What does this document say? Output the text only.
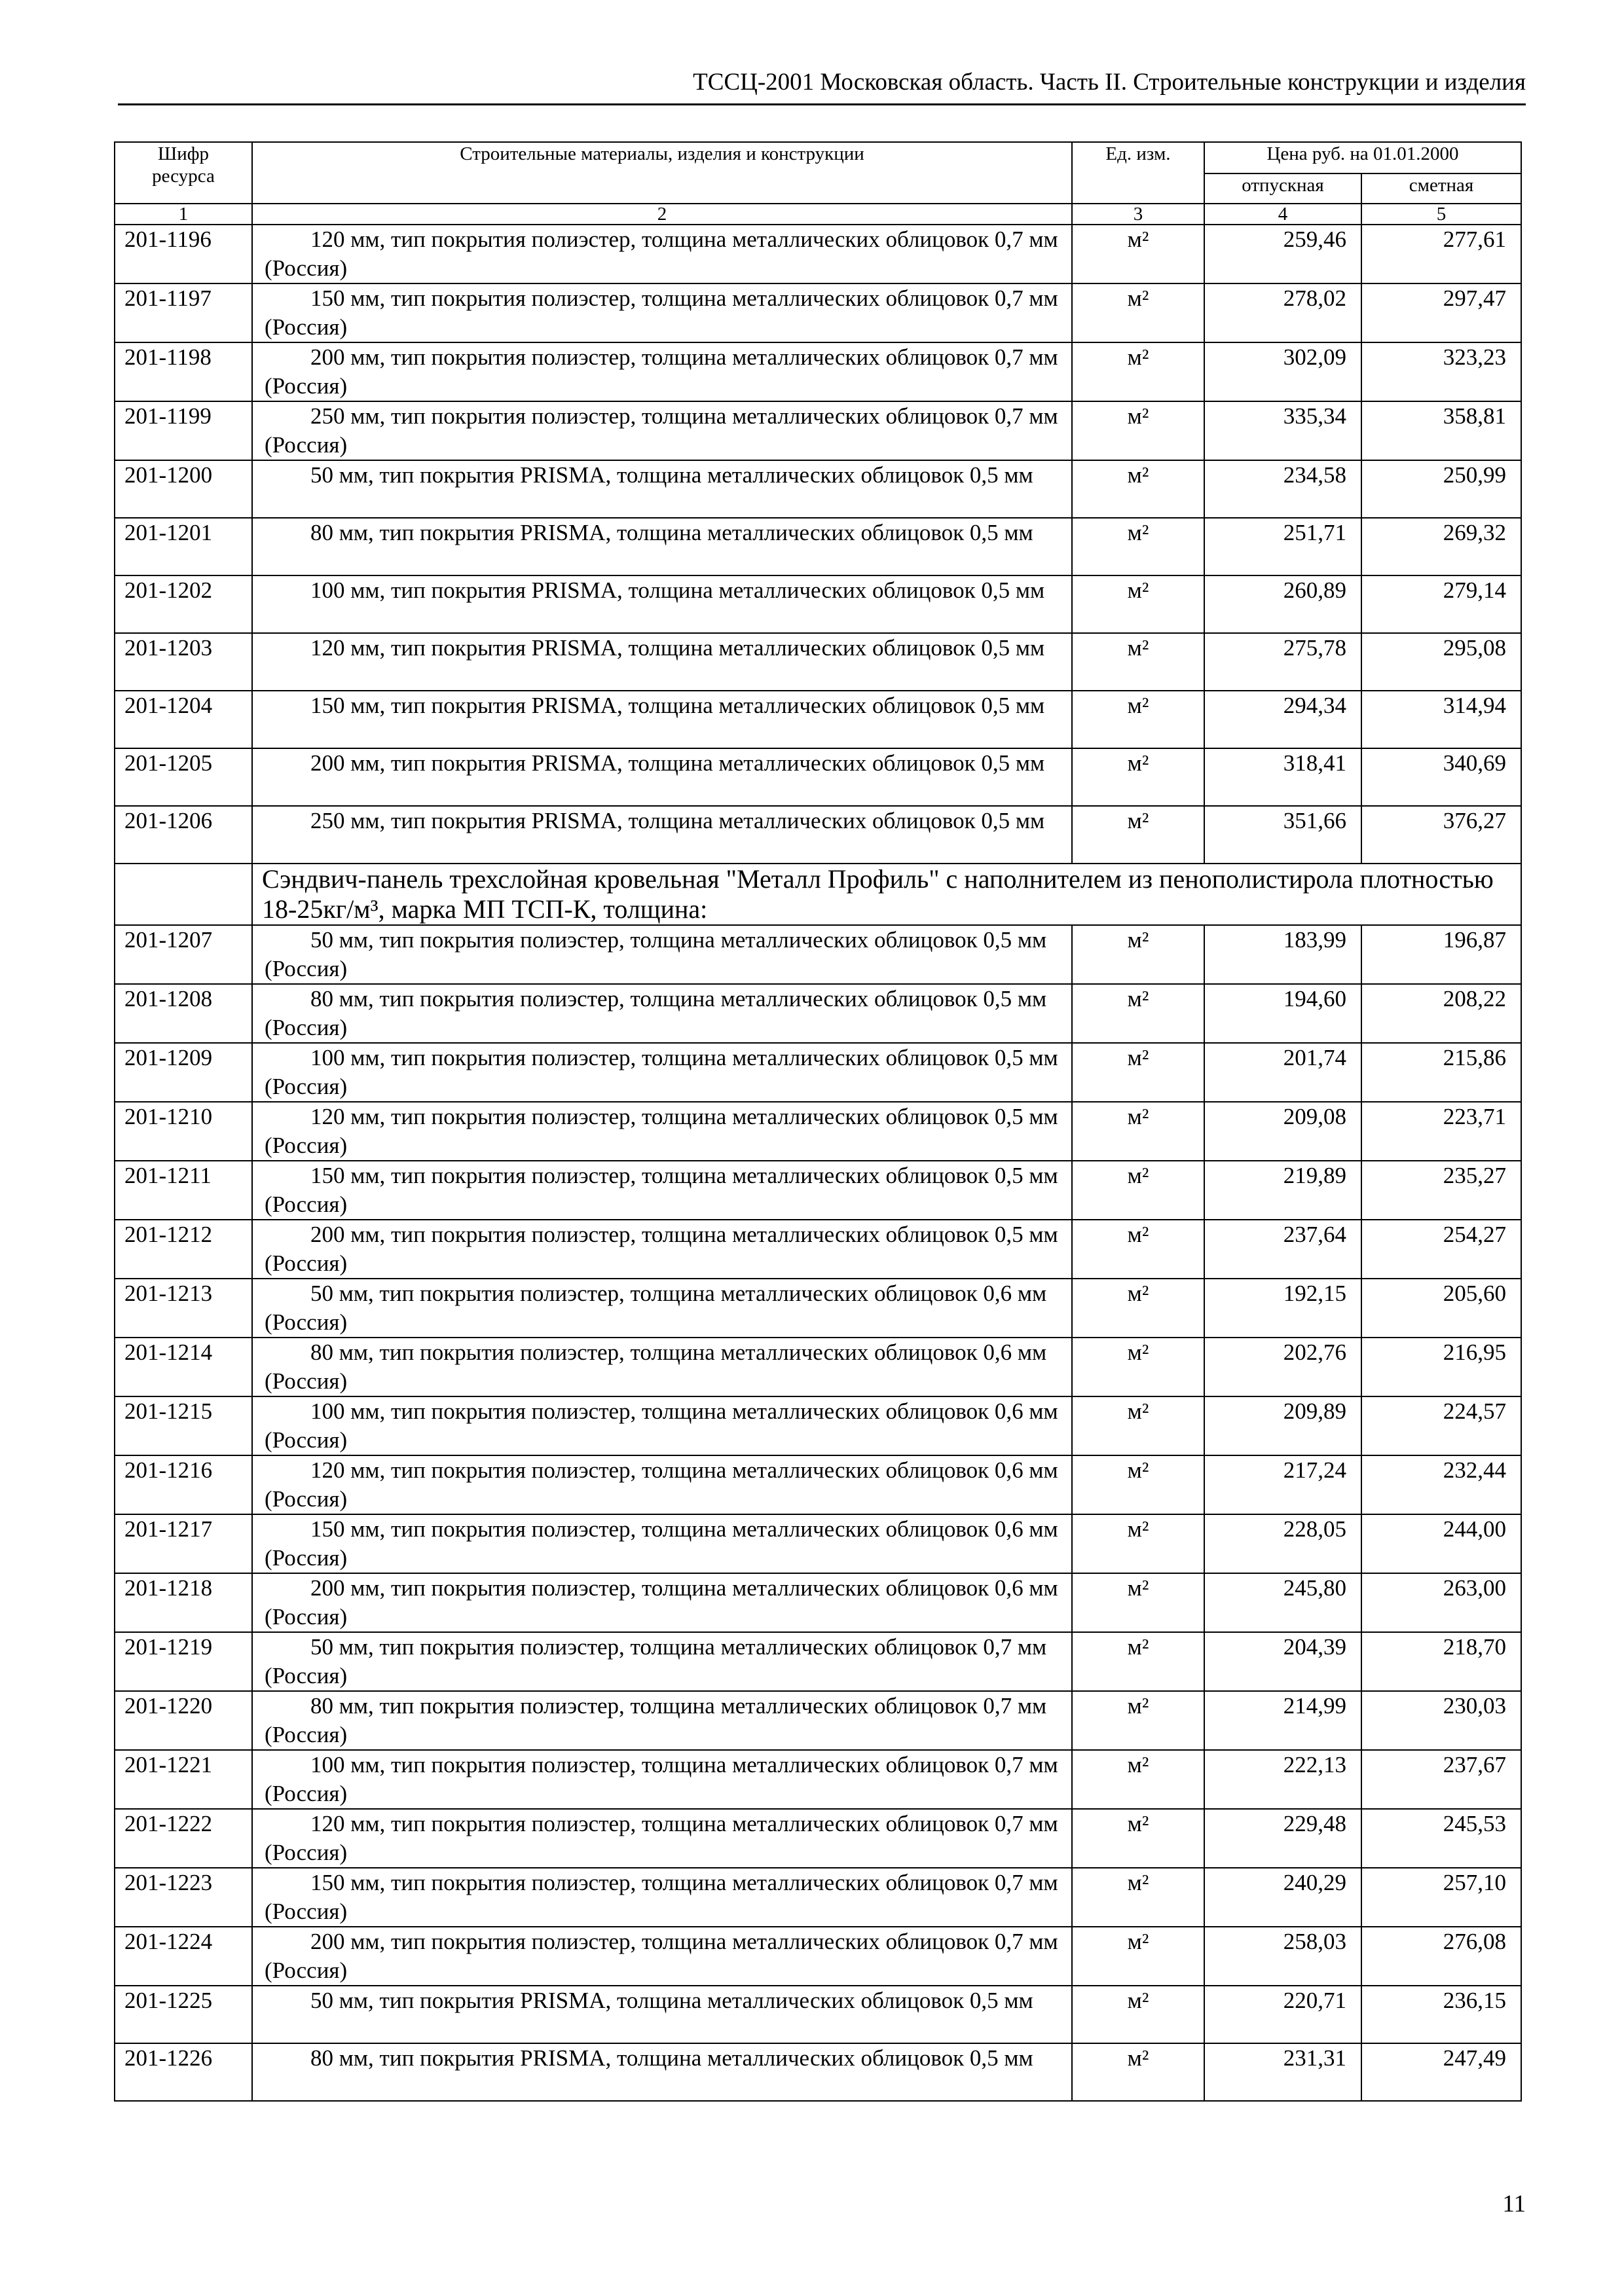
ТССЦ-2001 Московская область. Часть II. Строительные конструкции и изделия
Шифр ресурса	Строительные материалы, изделия и конструкции	Ед. изм.	Цена руб. на 01.01.2000	
			отпускная	сметная
1	2	3	4	5
201-1196	120 мм, тип покрытия полиэстер, толщина металлических облицовок 0,7 мм (Россия)	м²	259,46	277,61
201-1197	150 мм, тип покрытия полиэстер, толщина металлических облицовок 0,7 мм (Россия)	м²	278,02	297,47
201-1198	200 мм, тип покрытия полиэстер, толщина металлических облицовок 0,7 мм (Россия)	м²	302,09	323,23
201-1199	250 мм, тип покрытия полиэстер, толщина металлических облицовок 0,7 мм (Россия)	м²	335,34	358,81
201-1200	50 мм, тип покрытия PRISMA, толщина металлических облицовок 0,5 мм	м²	234,58	250,99
201-1201	80 мм, тип покрытия PRISMA, толщина металлических облицовок 0,5 мм	м²	251,71	269,32
201-1202	100 мм, тип покрытия PRISMA, толщина металлических облицовок 0,5 мм	м²	260,89	279,14
201-1203	120 мм, тип покрытия PRISMA, толщина металлических облицовок 0,5 мм	м²	275,78	295,08
201-1204	150 мм, тип покрытия PRISMA, толщина металлических облицовок 0,5 мм	м²	294,34	314,94
201-1205	200 мм, тип покрытия PRISMA, толщина металлических облицовок 0,5 мм	м²	318,41	340,69
201-1206	250 мм, тип покрытия PRISMA, толщина металлических облицовок 0,5 мм	м²	351,66	376,27
	Сэндвич-панель трехслойная кровельная "Металл Профиль" с наполнителем из пенополистирола плотностью 18-25кг/м³, марка МП ТСП-К, толщина:			
201-1207	50 мм, тип покрытия полиэстер, толщина металлических облицовок 0,5 мм (Россия)	м²	183,99	196,87
201-1208	80 мм, тип покрытия полиэстер, толщина металлических облицовок 0,5 мм (Россия)	м²	194,60	208,22
201-1209	100 мм, тип покрытия полиэстер, толщина металлических облицовок 0,5 мм (Россия)	м²	201,74	215,86
201-1210	120 мм, тип покрытия полиэстер, толщина металлических облицовок 0,5 мм (Россия)	м²	209,08	223,71
201-1211	150 мм, тип покрытия полиэстер, толщина металлических облицовок 0,5 мм (Россия)	м²	219,89	235,27
201-1212	200 мм, тип покрытия полиэстер, толщина металлических облицовок 0,5 мм (Россия)	м²	237,64	254,27
201-1213	50 мм, тип покрытия полиэстер, толщина металлических облицовок 0,6 мм (Россия)	м²	192,15	205,60
201-1214	80 мм, тип покрытия полиэстер, толщина металлических облицовок 0,6 мм (Россия)	м²	202,76	216,95
201-1215	100 мм, тип покрытия полиэстер, толщина металлических облицовок 0,6 мм (Россия)	м²	209,89	224,57
201-1216	120 мм, тип покрытия полиэстер, толщина металлических облицовок 0,6 мм (Россия)	м²	217,24	232,44
201-1217	150 мм, тип покрытия полиэстер, толщина металлических облицовок 0,6 мм (Россия)	м²	228,05	244,00
201-1218	200 мм, тип покрытия полиэстер, толщина металлических облицовок 0,6 мм (Россия)	м²	245,80	263,00
201-1219	50 мм, тип покрытия полиэстер, толщина металлических облицовок 0,7 мм (Россия)	м²	204,39	218,70
201-1220	80 мм, тип покрытия полиэстер, толщина металлических облицовок 0,7 мм (Россия)	м²	214,99	230,03
201-1221	100 мм, тип покрытия полиэстер, толщина металлических облицовок 0,7 мм (Россия)	м²	222,13	237,67
201-1222	120 мм, тип покрытия полиэстер, толщина металлических облицовок 0,7 мм (Россия)	м²	229,48	245,53
201-1223	150 мм, тип покрытия полиэстер, толщина металлических облицовок 0,7 мм (Россия)	м²	240,29	257,10
201-1224	200 мм, тип покрытия полиэстер, толщина металлических облицовок 0,7 мм (Россия)	м²	258,03	276,08
201-1225	50 мм, тип покрытия PRISMA, толщина металлических облицовок 0,5 мм	м²	220,71	236,15
201-1226	80 мм, тип покрытия PRISMA, толщина металлических облицовок 0,5 мм	м²	231,31	247,49
11
